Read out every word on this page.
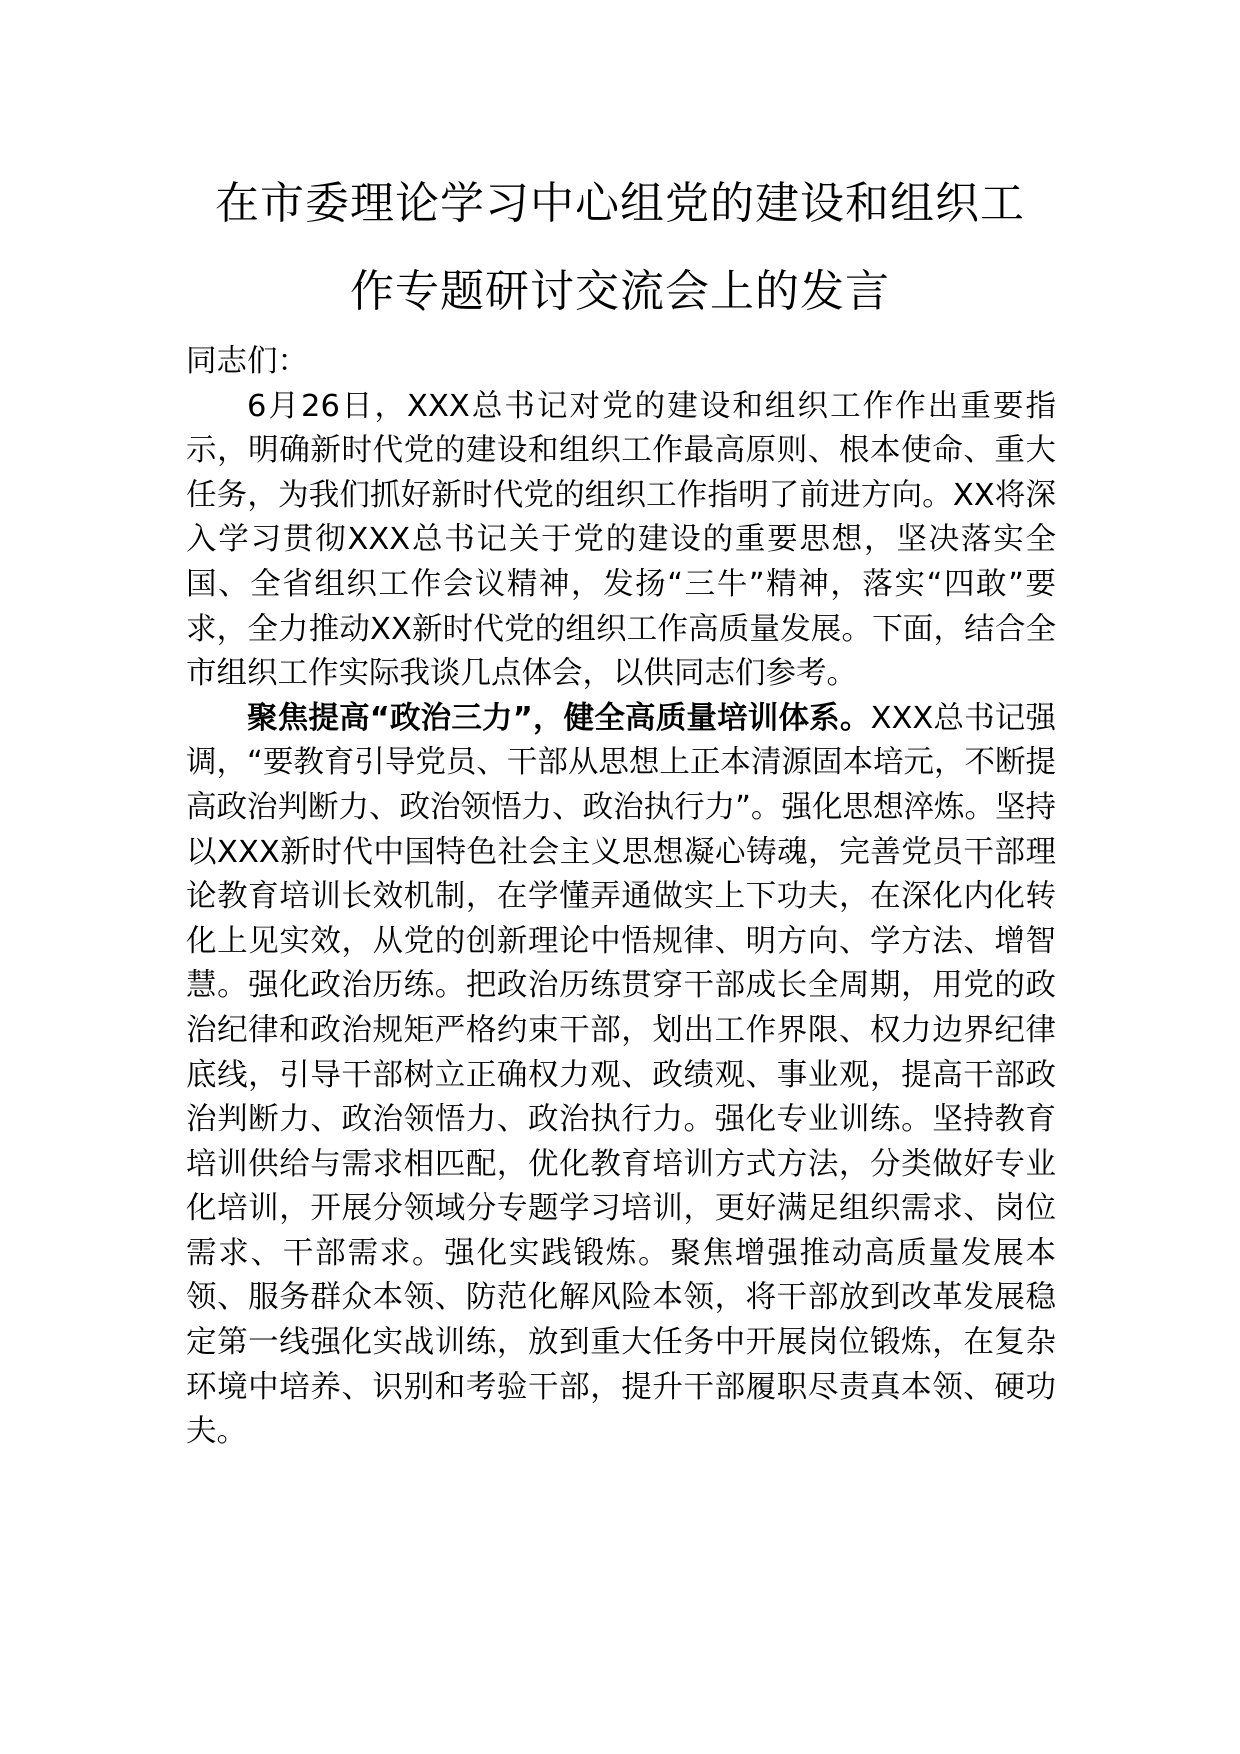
在市委理论学习中心组党的建设和组织工
作专题研讨交流会上的发言

同志们：

6月26日，XXX总书记对党的建设和组织工作作出重要指示，明确新时代党的建设和组织工作最高原则、根本使命、重大任务，为我们抓好新时代党的组织工作指明了前进方向。XX将深入学习贯彻XXX总书记关于党的建设的重要思想，坚决落实全国、全省组织工作会议精神，发扬“三牛”精神，落实“四敢”要求，全力推动XX新时代党的组织工作高质量发展。下面，结合全市组织工作实际我谈几点体会，以供同志们参考。

聚焦提高“政治三力”，健全高质量培训体系。XXX总书记强调，“要教育引导党员、干部从思想上正本清源固本培元，不断提高政治判断力、政治领悟力、政治执行力”。强化思想淬炼。坚持以XXX新时代中国特色社会主义思想凝心铸魂，完善党员干部理论教育培训长效机制，在学懂弄通做实上下功夫，在深化内化转化上见实效，从党的创新理论中悟规律、明方向、学方法、增智慧。强化政治历练。把政治历练贯穿干部成长全周期，用党的政治纪律和政治规矩严格约束干部，划出工作界限、权力边界纪律底线，引导干部树立正确权力观、政绩观、事业观，提高干部政治判断力、政治领悟力、政治执行力。强化专业训练。坚持教育培训供给与需求相匹配，优化教育培训方式方法，分类做好专业化培训，开展分领域分专题学习培训，更好满足组织需求、岗位需求、干部需求。强化实践锻炼。聚焦增强推动高质量发展本领、服务群众本领、防范化解风险本领，将干部放到改革发展稳定第一线强化实战训练，放到重大任务中开展岗位锻炼，在复杂环境中培养、识别和考验干部，提升干部履职尽责真本领、硬功夫。
